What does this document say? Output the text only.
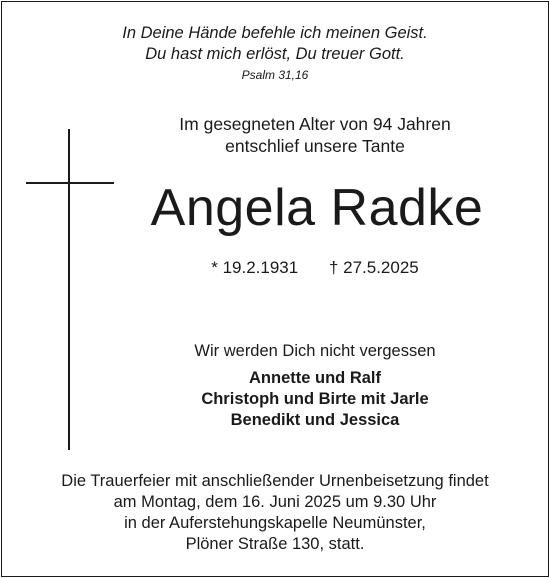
In Deine Hände befehle ich meinen Geist.
Du hast mich erlöst, Du treuer Gott.
Psalm 31,16
Im gesegneten Alter von 94 Jahren
entschlief unsere Tante
Angela Radke
* 19.2.1931 † 27.5.2025
Wir werden Dich nicht vergessen
Annette und Ralf
Christoph und Birte mit Jarle
Benedikt und Jessica
Die Trauerfeier mit anschließender Urnenbeisetzung findet
am Montag, dem 16. Juni 2025 um 9.30 Uhr
in der Auferstehungskapelle Neumünster,
Plöner Straße 130, statt.
